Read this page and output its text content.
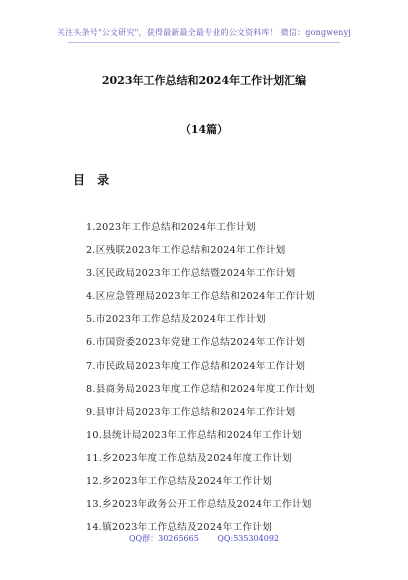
关注头条号"公文研究"，获得最新最全最专业的公文资料库！ 微信：gongwenyj
2023年工作总结和2024年工作计划汇编
（14篇）
目 录
1.2023年工作总结和2024年工作计划
2.区残联2023年工作总结和2024年工作计划
3.区民政局2023年工作总结暨2024年工作计划
4.区应急管理局2023年工作总结和2024年工作计划
5.市2023年工作总结及2024年工作计划
6.市国资委2023年党建工作总结2024年工作计划
7.市民政局2023年度工作总结和2024年工作计划
8.县商务局2023年度工作总结和2024年度工作计划
9.县审计局2023年工作总结和2024年工作计划
10.县统计局2023年工作总结和2024年工作计划
11.乡2023年度工作总结及2024年度工作计划
12.乡2023年工作总结及2024年工作计划
13.乡2023年政务公开工作总结及2024年工作计划
14.镇2023年工作总结及2024年工作计划
QQ群：30265665 QQ:535304092
